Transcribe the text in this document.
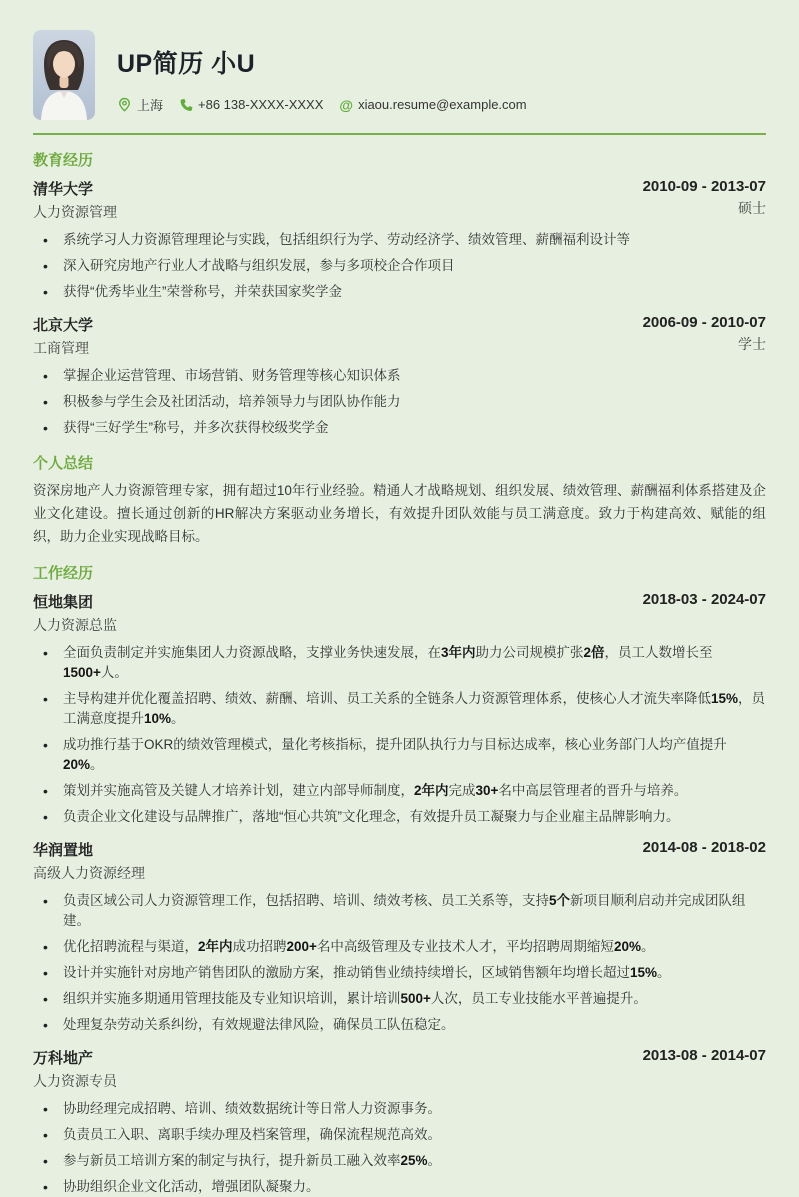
UP简历 小U
上海	+86 138-XXXX-XXXX @ xiaou.resume@example.com
教育经历
清华大学
人力资源管理
2010-09 - 2013-07
硕士
• 系统学习人力资源管理理论与实践，包括组织行为学、劳动经济学、绩效管理、薪酬福利设计等
• 深入研究房地产行业人才战略与组织发展，参与多项校企合作项目
• 获得“优秀毕业生”荣誉称号，并荣获国家奖学金
北京大学
工商管理
2006-09 - 2010-07
学士
• 掌握企业运营管理、市场营销、财务管理等核心知识体系
• 积极参与学生会及社团活动，培养领导力与团队协作能力
• 获得“三好学生”称号，并多次获得校级奖学金
个人总结

资深房地产人力资源管理专家，拥有超过10年行业经验。精通人才战略规划、组织发展、绩效管理、薪酬福利体系搭建及企业文化建设。擅长通过创新的HR解决方案驱动业务增长，有效提升团队效能与员工满意度。致力于构建高效、赋能的组织，助力企业实现战略目标。

工作经历
恒地集团
人力资源总监
2018-03 - 2024-07
• 全面负责制定并实施集团人力资源战略，支撑业务快速发展，在3年内助力公司规模扩张2倍，员工人数增长至1500+人。
• 主导构建并优化覆盖招聘、绩效、薪酬、培训、员工关系的全链条人力资源管理体系，使核心人才流失率降低15%，员工满意度提升10%。
• 成功推行基于OKR的绩效管理模式，量化考核指标，提升团队执行力与目标达成率，核心业务部门人均产值提升20%。
• 策划并实施高管及关键人才培养计划，建立内部导师制度，2年内完成30+名中高层管理者的晋升与培养。
• 负责企业文化建设与品牌推广，落地“恒心共筑”文化理念，有效提升员工凝聚力与企业雇主品牌影响力。
华润置地
高级人力资源经理
2014-08 - 2018-02
• 负责区域公司人力资源管理工作，包括招聘、培训、绩效考核、员工关系等，支持5个新项目顺利启动并完成团队组建。
• 优化招聘流程与渠道，2年内成功招聘200+名中高级管理及专业技术人才，平均招聘周期缩短20%。
• 设计并实施针对房地产销售团队的激励方案，推动销售业绩持续增长，区域销售额年均增长超过15%。
• 组织并实施多期通用管理技能及专业知识培训，累计培训500+人次，员工专业技能水平普遍提升。
• 处理复杂劳动关系纠纷，有效规避法律风险，确保员工队伍稳定。
万科地产
人力资源专员
2013-08 - 2014-07
• 协助经理完成招聘、培训、绩效数据统计等日常人力资源事务。
• 负责员工入职、离职手续办理及档案管理，确保流程规范高效。
• 参与新员工培训方案的制定与执行，提升新员工融入效率25%。
• 协助组织企业文化活动，增强团队凝聚力。
